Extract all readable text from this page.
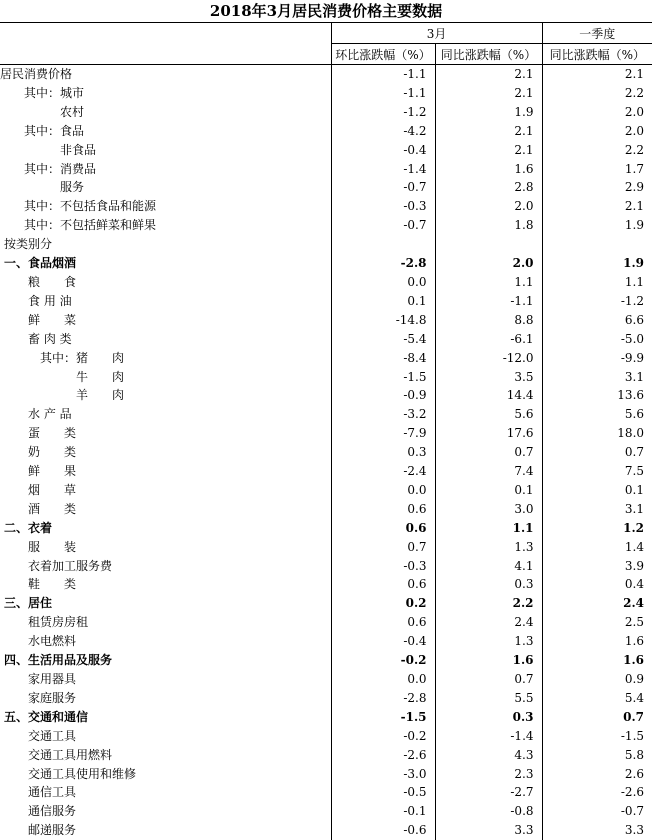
2018年3月居民消费价格主要数据
	3月		一季度
	环比涨跌幅（%）	同比涨跌幅（%）	同比涨跌幅（%）
居民消费价格	-1.1	2.1	2.1
其中：城市	-1.1	2.1	2.2
农村	-1.2	1.9	2.0
其中：食品	-4.2	2.1	2.0
非食品	-0.4	2.1	2.2
其中：消费品	-1.4	1.6	1.7
服务	-0.7	2.8	2.9
其中：不包括食品和能源	-0.3	2.0	2.1
其中：不包括鲜菜和鲜果	-0.7	1.8	1.9
按类别分			
一、食品烟酒	-2.8	2.0	1.9
粮　　食	0.0	1.1	1.1
食 用 油	0.1	-1.1	-1.2
鲜　　菜	-14.8	8.8	6.6
畜 肉 类	-5.4	-6.1	-5.0
其中：猪　　肉	-8.4	-12.0	-9.9
牛　　肉	-1.5	3.5	3.1
羊　　肉	-0.9	14.4	13.6
水 产 品	-3.2	5.6	5.6
蛋　　类	-7.9	17.6	18.0
奶　　类	0.3	0.7	0.7
鲜　　果	-2.4	7.4	7.5
烟　　草	0.0	0.1	0.1
酒　　类	0.6	3.0	3.1
二、衣着	0.6	1.1	1.2
服　　装	0.7	1.3	1.4
衣着加工服务费	-0.3	4.1	3.9
鞋　　类	0.6	0.3	0.4
三、居住	0.2	2.2	2.4
租赁房房租	0.6	2.4	2.5
水电燃料	-0.4	1.3	1.6
四、生活用品及服务	-0.2	1.6	1.6
家用器具	0.0	0.7	0.9
家庭服务	-2.8	5.5	5.4
五、交通和通信	-1.5	0.3	0.7
交通工具	-0.2	-1.4	-1.5
交通工具用燃料	-2.6	4.3	5.8
交通工具使用和维修	-3.0	2.3	2.6
通信工具	-0.5	-2.7	-2.6
通信服务	-0.1	-0.8	-0.7
邮递服务	-0.6	3.3	3.3
